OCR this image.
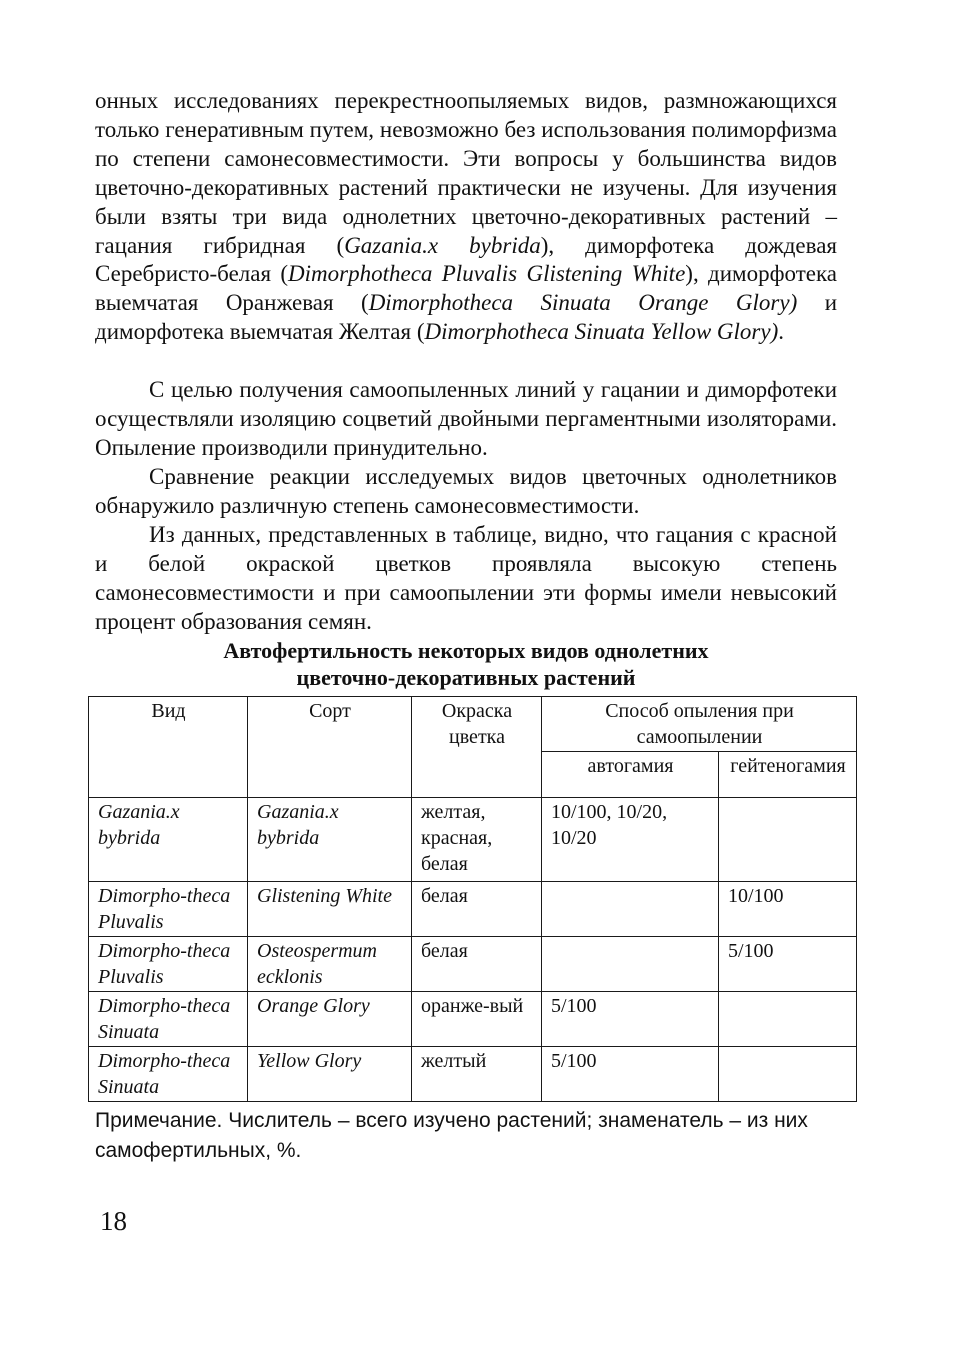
онных исследованиях перекрестноопыляемых видов, размножающихся только генеративным путем, невозможно без использования полиморфизма по степени самонесовместимости. Эти вопросы у большинства видов цветочно-декоративных растений практически не изучены. Для изучения были взяты три вида однолетних цветочно-декоративных растений – гацания гибридная (Gazania.x bybrida), диморфотека дождевая Серебристо-белая (Dimorphotheca Pluvalis Glistening White), диморфотека выемчатая Оранжевая (Dimorphotheca Sinuata Orange Glory) и диморфотека выемчатая Желтая (Dimorphotheca Sinuata Yellow Glory).

С целью получения самоопыленных линий у гацании и диморфотеки осуществляли изоляцию соцветий двойными пергаментными изоляторами. Опыление производили принудительно.

Сравнение реакции исследуемых видов цветочных однолетников обнаружило различную степень самонесовместимости.

Из данных, представленных в таблице, видно, что гацания с красной и белой окраской цветков проявляла высокую степень самонесовместимости и при самоопылении эти формы имели невысокий процент образования семян.

Автофертильность некоторых видов однолетних
цветочно-декоративных растений
Вид	Сорт	Окраска цветка	Способ опыления при самоопылении	
			автогамия	гейтеногамия
Gazania.x bybrida	Gazania.x bybrida	желтая, красная, белая	10/100, 10/20, 10/20	
Dimorpho-theca Pluvalis	Glistening White	белая		10/100
Dimorpho-theca Pluvalis	Osteospermum ecklonis	белая		5/100
Dimorpho-theca Sinuata	Orange Glory	оранже-вый	5/100	
Dimorpho-theca Sinuata	Yellow Glory	желтый	5/100	

Примечание. Числитель – всего изучено растений; знаменатель – из них самофертильных, %.

18
